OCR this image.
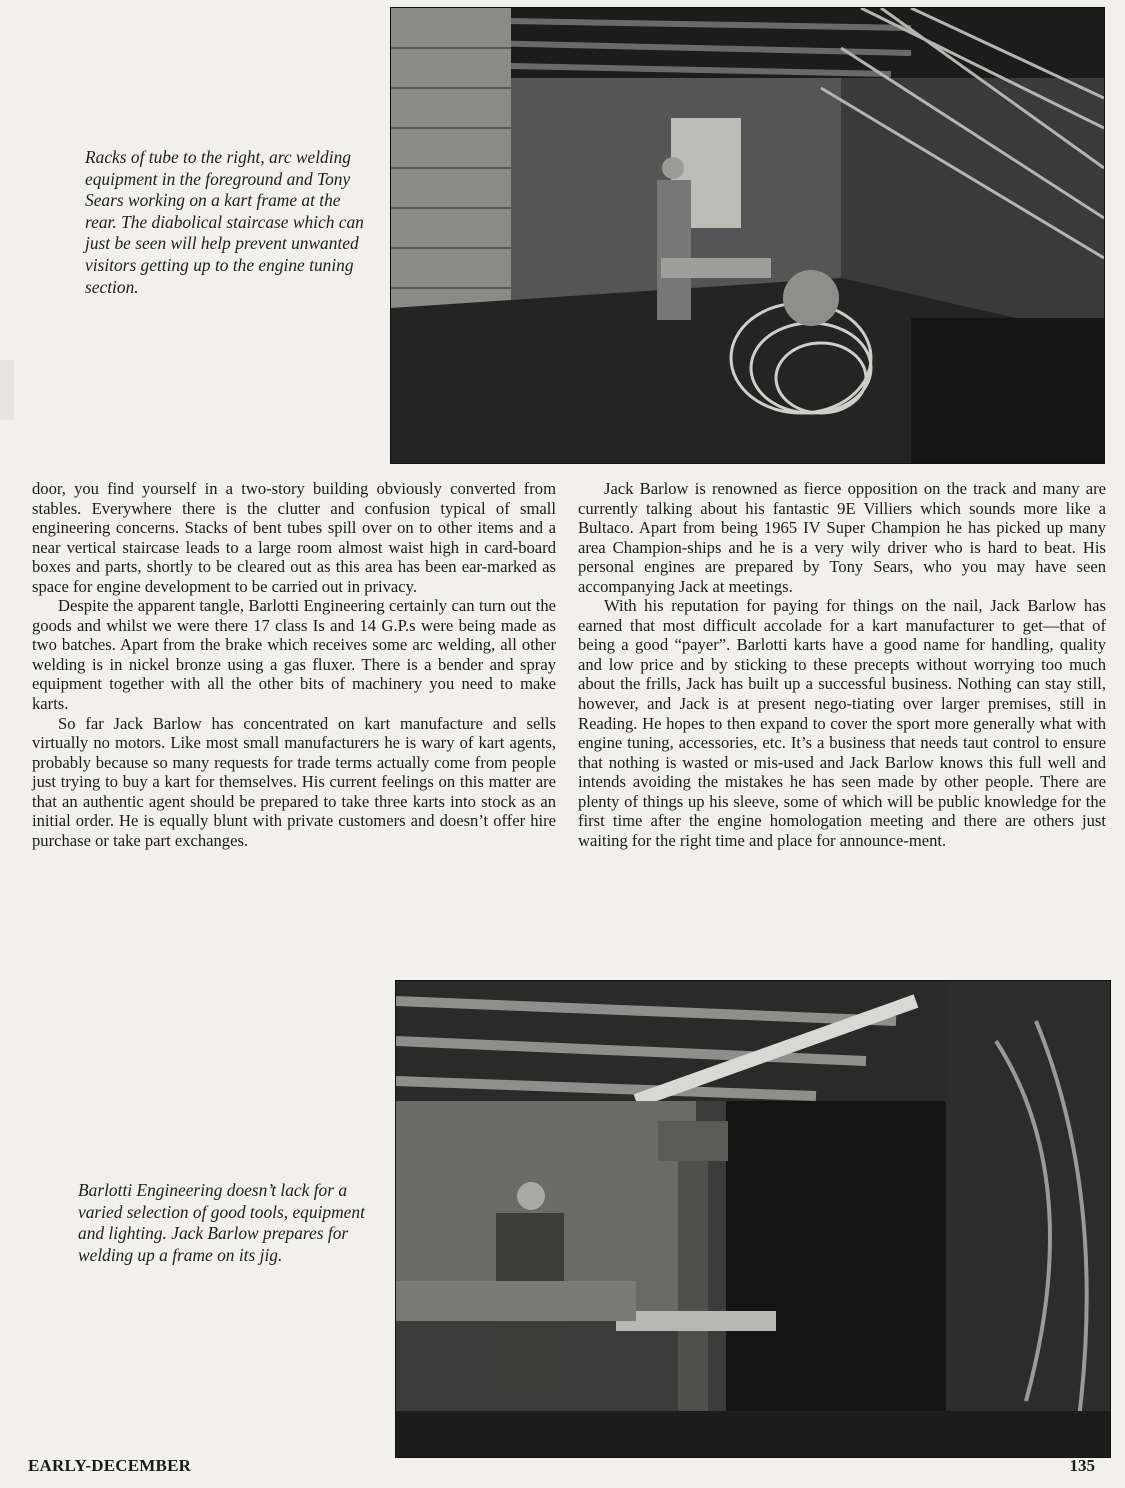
Racks of tube to the right, arc welding equipment in the foreground and Tony Sears working on a kart frame at the rear. The diabolical staircase which can just be seen will help prevent unwanted visitors getting up to the engine tuning section.

door, you find yourself in a two-story building obviously converted from stables. Everywhere there is the clutter and confusion typical of small engineering concerns. Stacks of bent tubes spill over on to other items and a near vertical staircase leads to a large room almost waist high in card-board boxes and parts, shortly to be cleared out as this area has been ear-marked as space for engine development to be carried out in privacy.

Despite the apparent tangle, Barlotti Engineering certainly can turn out the goods and whilst we were there 17 class Is and 14 G.P.s were being made as two batches. Apart from the brake which receives some arc welding, all other welding is in nickel bronze using a gas fluxer. There is a bender and spray equipment together with all the other bits of machinery you need to make karts.

So far Jack Barlow has concentrated on kart manufacture and sells virtually no motors. Like most small manufacturers he is wary of kart agents, probably because so many requests for trade terms actually come from people just trying to buy a kart for themselves. His current feelings on this matter are that an authentic agent should be prepared to take three karts into stock as an initial order. He is equally blunt with private customers and doesn’t offer hire purchase or take part exchanges.

Jack Barlow is renowned as fierce opposition on the track and many are currently talking about his fantastic 9E Villiers which sounds more like a Bultaco. Apart from being 1965 IV Super Champion he has picked up many area Champion-ships and he is a very wily driver who is hard to beat. His personal engines are prepared by Tony Sears, who you may have seen accompanying Jack at meetings.

With his reputation for paying for things on the nail, Jack Barlow has earned that most difficult accolade for a kart manufacturer to get—that of being a good “payer”. Barlotti karts have a good name for handling, quality and low price and by sticking to these precepts without worrying too much about the frills, Jack has built up a successful business. Nothing can stay still, however, and Jack is at present nego-tiating over larger premises, still in Reading. He hopes to then expand to cover the sport more generally what with engine tuning, accessories, etc. It’s a business that needs taut control to ensure that nothing is wasted or mis-used and Jack Barlow knows this full well and intends avoiding the mistakes he has seen made by other people. There are plenty of things up his sleeve, some of which will be public knowledge for the first time after the engine homologation meeting and there are others just waiting for the right time and place for announce-ment.

Barlotti Engineering doesn’t lack for a varied selection of good tools, equipment and lighting. Jack Barlow prepares for welding up a frame on its jig.

EARLY-DECEMBER	135
